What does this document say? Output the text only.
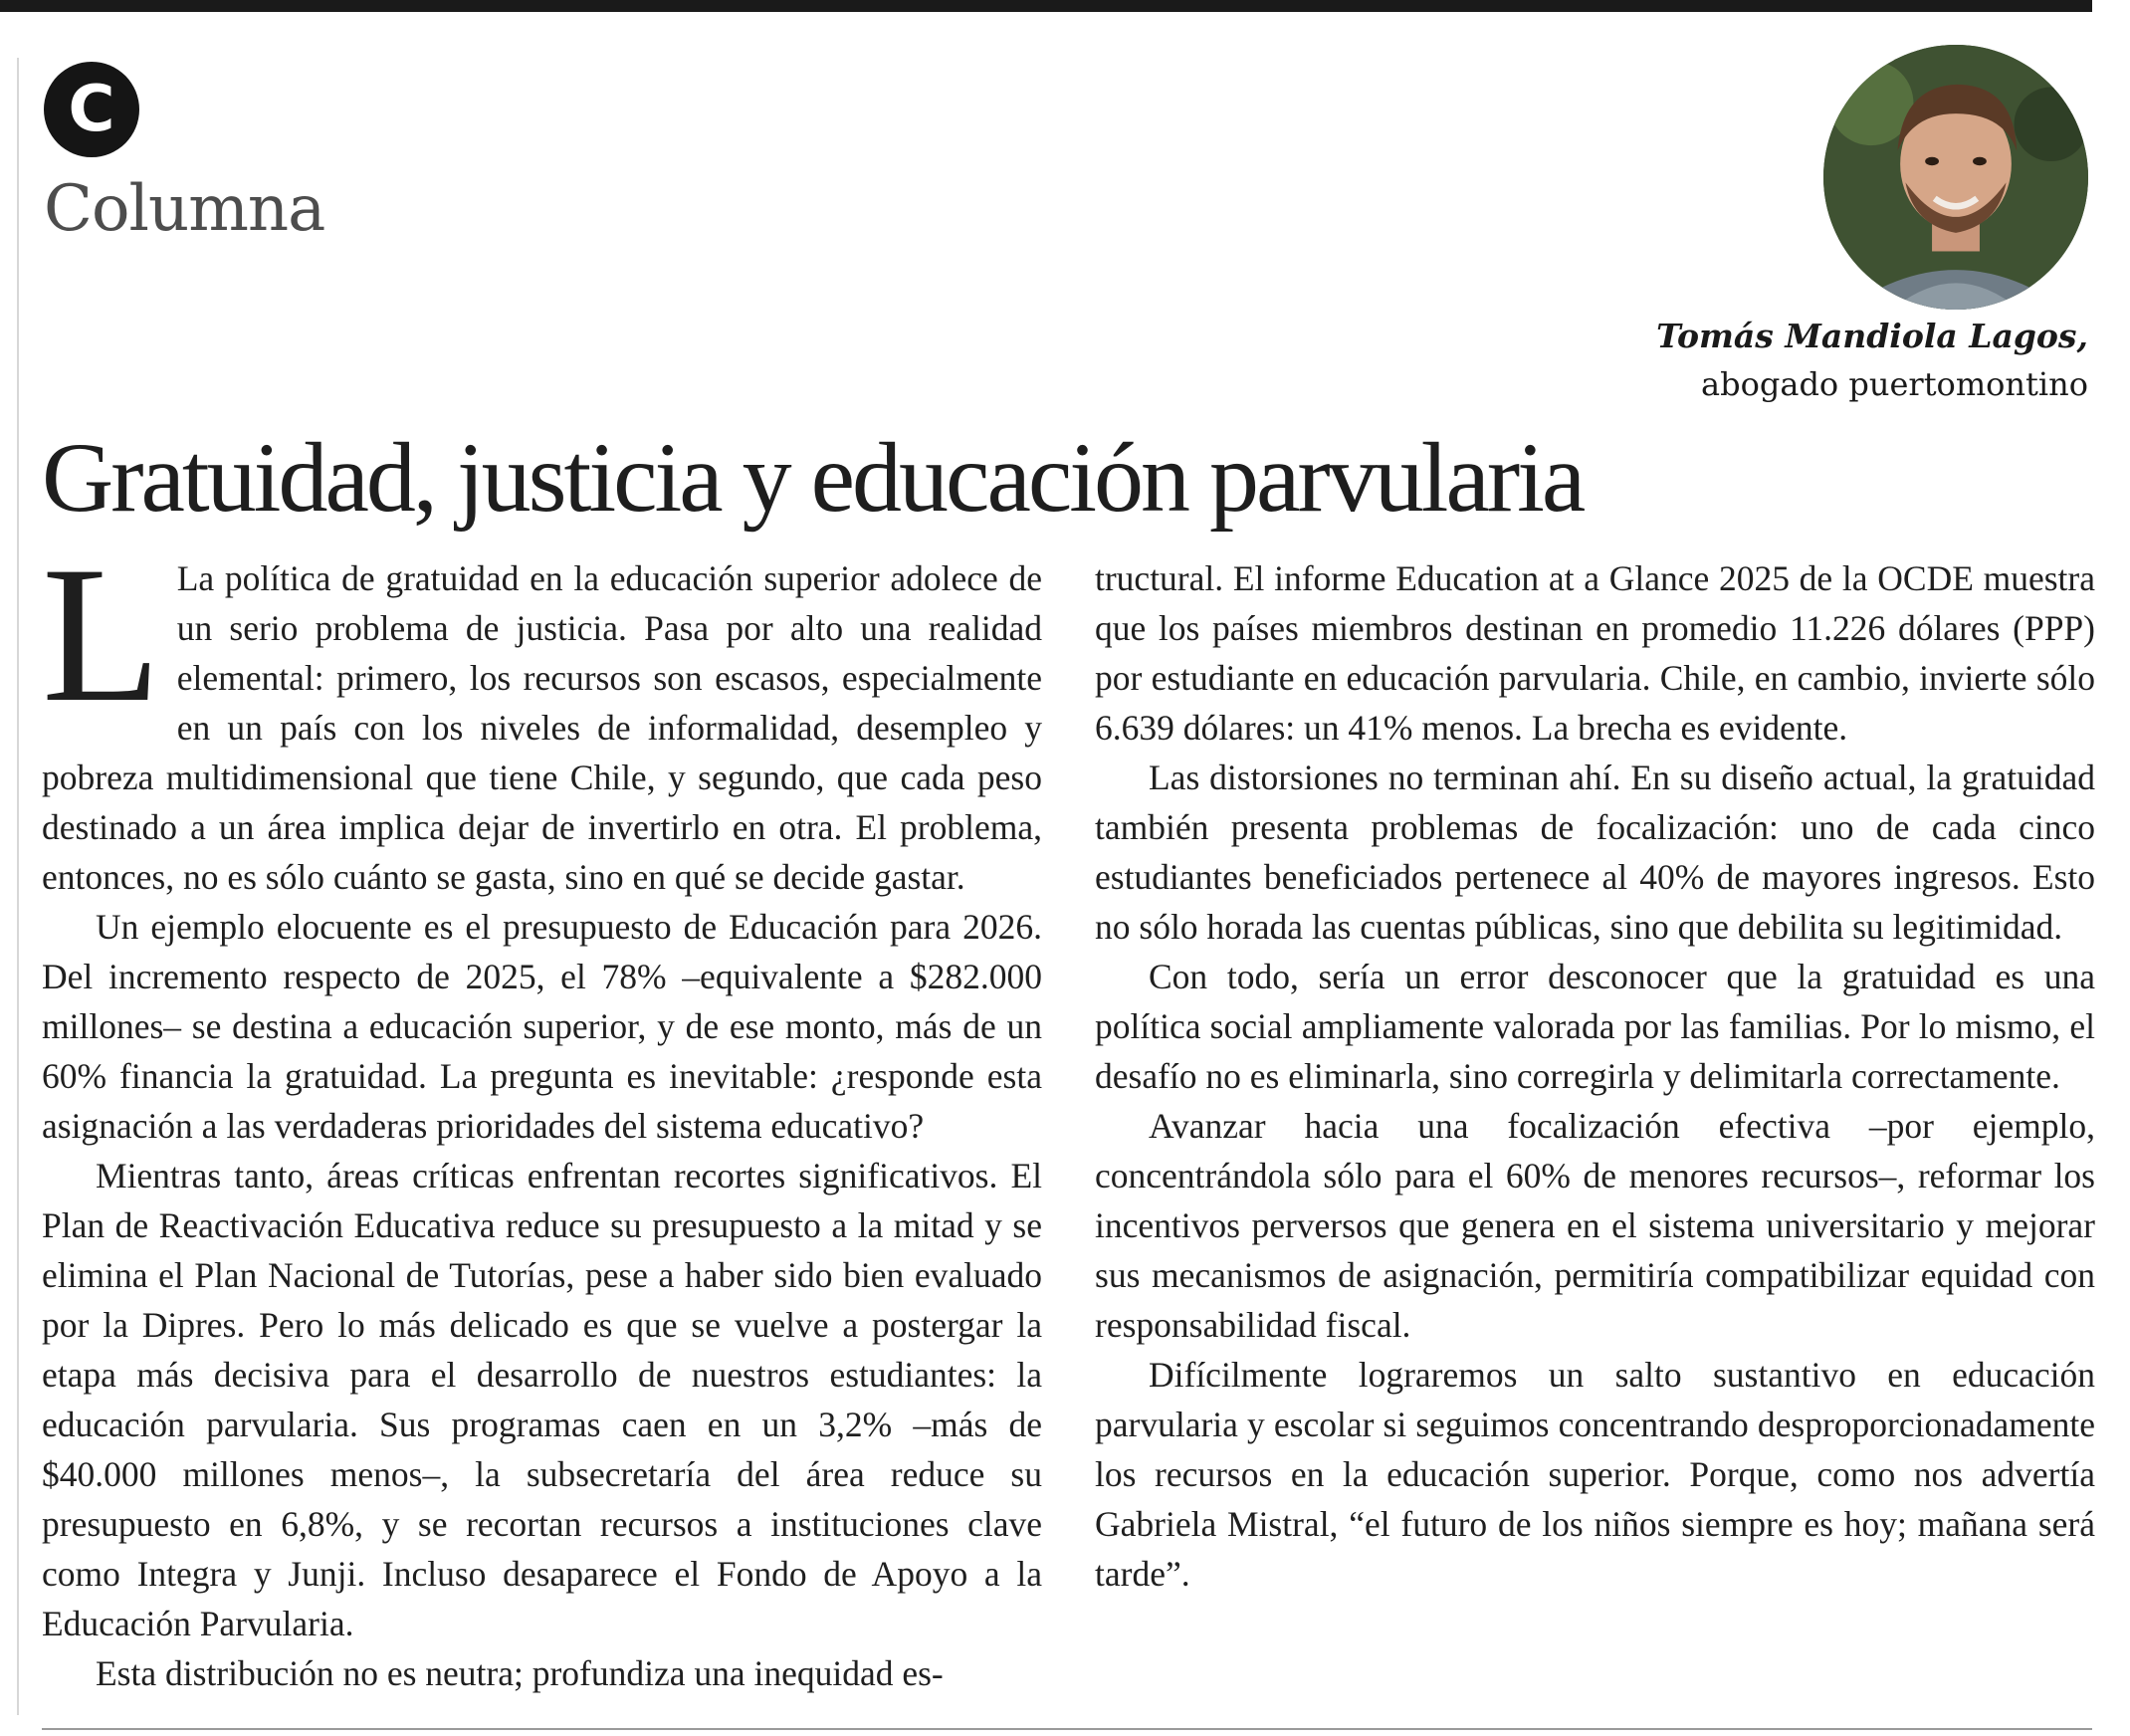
C
Columna
Tomás Mandiola Lagos,
abogado puertomontino
Gratuidad, justicia y educación parvularia

L La política de gratuidad en la educación superior adolece de un serio problema de justicia. Pasa por alto una realidad elemental: primero, los recursos son escasos, especialmente en un país con los niveles de informalidad, desempleo y pobreza multidimensional que tiene Chile, y segundo, que cada peso destinado a un área implica dejar de invertirlo en otra. El problema, entonces, no es sólo cuánto se gasta, sino en qué se decide gastar.

Un ejemplo elocuente es el presupuesto de Educación para 2026. Del incremento respecto de 2025, el 78% –equivalente a $282.000 millones– se destina a educación superior, y de ese monto, más de un 60% financia la gratuidad. La pregunta es inevitable: ¿responde esta asignación a las verdaderas prioridades del sistema educativo?

Mientras tanto, áreas críticas enfrentan recortes significativos. El Plan de Reactivación Educativa reduce su presupuesto a la mitad y se elimina el Plan Nacional de Tutorías, pese a haber sido bien evaluado por la Dipres. Pero lo más delicado es que se vuelve a postergar la etapa más decisiva para el desarrollo de nuestros estudiantes: la educación parvularia. Sus programas caen en un 3,2% –más de $40.000 millones menos–, la subsecretaría del área reduce su presupuesto en 6,8%, y se recortan recursos a instituciones clave como Integra y Junji. Incluso desaparece el Fondo de Apoyo a la Educación Parvularia.

Esta distribución no es neutra; profundiza una inequidad es-

tructural. El informe Education at a Glance 2025 de la OCDE muestra que los países miembros destinan en promedio 11.226 dólares (PPP) por estudiante en educación parvularia. Chile, en cambio, invierte sólo 6.639 dólares: un 41% menos. La brecha es evidente.

Las distorsiones no terminan ahí. En su diseño actual, la gratuidad también presenta problemas de focalización: uno de cada cinco estudiantes beneficiados pertenece al 40% de mayores ingresos. Esto no sólo horada las cuentas públicas, sino que debilita su legitimidad.

Con todo, sería un error desconocer que la gratuidad es una política social ampliamente valorada por las familias. Por lo mismo, el desafío no es eliminarla, sino corregirla y delimitarla correctamente.

Avanzar hacia una focalización efectiva –por ejemplo, concentrándola sólo para el 60% de menores recursos–, reformar los incentivos perversos que genera en el sistema universitario y mejorar sus mecanismos de asignación, permitiría compatibilizar equidad con responsabilidad fiscal.

Difícilmente lograremos un salto sustantivo en educación parvularia y escolar si seguimos concentrando desproporcionadamente los recursos en la educación superior. Porque, como nos advertía Gabriela Mistral, “el futuro de los niños siempre es hoy; mañana será tarde”.
